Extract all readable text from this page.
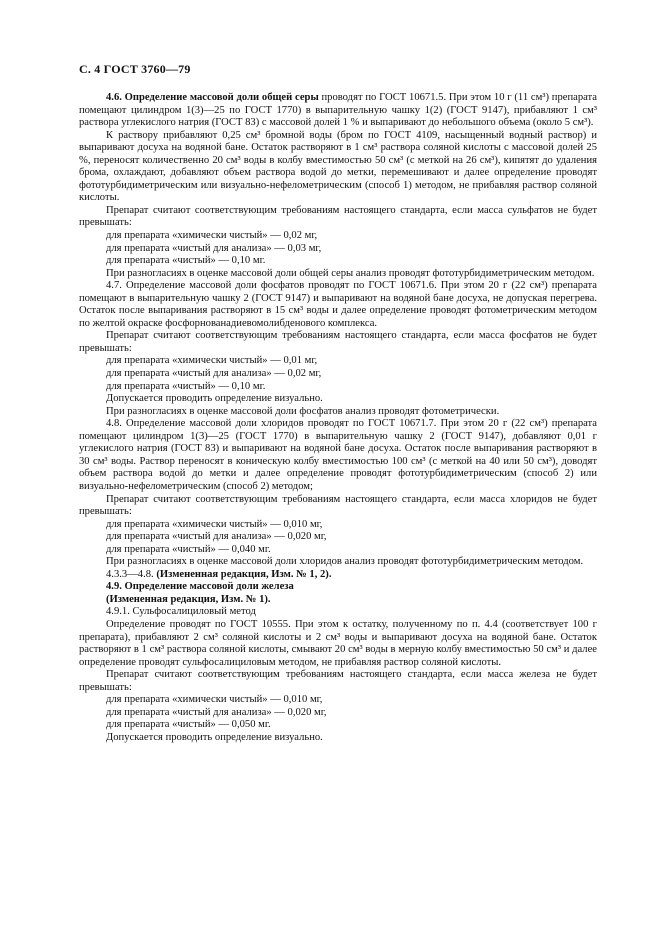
С. 4 ГОСТ 3760—79

4.6. Определение массовой доли общей серы проводят по ГОСТ 10671.5. При этом 10 г (11 см³) препарата помещают цилиндром 1(3)—25 по ГОСТ 1770) в выпарительную чашку 1(2) (ГОСТ 9147), прибавляют 1 см³ раствора углекислого натрия (ГОСТ 83) с массовой долей 1 % и выпаривают до небольшого объема (около 5 см³).

К раствору прибавляют 0,25 см³ бромной воды (бром по ГОСТ 4109, насыщенный водный раствор) и выпаривают досуха на водяной бане. Остаток растворяют в 1 см³ раствора соляной кислоты с массовой долей 25 %, переносят количественно 20 см³ воды в колбу вместимостью 50 см³ (с меткой на 26 см³), кипятят до удаления брома, охлаждают, добавляют объем раствора водой до метки, перемешивают и далее определение проводят фототурбидиметрическим или визуально-нефелометрическим (способ 1) методом, не прибавляя раствор соляной кислоты.

Препарат считают соответствующим требованиям настоящего стандарта, если масса сульфатов не будет превышать:

для препарата «химически чистый» — 0,02 мг,

для препарата «чистый для анализа» — 0,03 мг,

для препарата «чистый» — 0,10 мг.

При разногласиях в оценке массовой доли общей серы анализ проводят фототурбидиметрическим методом.

4.7. Определение массовой доли фосфатов проводят по ГОСТ 10671.6. При этом 20 г (22 см³) препарата помещают в выпарительную чашку 2 (ГОСТ 9147) и выпаривают на водяной бане досуха, не допуская перегрева. Остаток после выпаривания растворяют в 15 см³ воды и далее определение проводят фотометрическим методом по желтой окраске фосфорнованадиевомолибденового комплекса.

Препарат считают соответствующим требованиям настоящего стандарта, если масса фосфатов не будет превышать:

для препарата «химически чистый» — 0,01 мг,

для препарата «чистый для анализа» — 0,02 мг,

для препарата «чистый» — 0,10 мг.

Допускается проводить определение визуально.

При разногласиях в оценке массовой доли фосфатов анализ проводят фотометрически.

4.8. Определение массовой доли хлоридов проводят по ГОСТ 10671.7. При этом 20 г (22 см³) препарата помещают цилиндром 1(3)—25 (ГОСТ 1770) в выпарительную чашку 2 (ГОСТ 9147), добавляют 0,01 г углекислого натрия (ГОСТ 83) и выпаривают на водяной бане досуха. Остаток после выпаривания растворяют в 30 см³ воды. Раствор переносят в коническую колбу вместимостью 100 см³ (с меткой на 40 или 50 см³), доводят объем раствора водой до метки и далее определение проводят фототурбидиметрическим (способ 2) или визуально-нефелометрическим (способ 2) методом;

Препарат считают соответствующим требованиям настоящего стандарта, если масса хлоридов не будет превышать:

для препарата «химически чистый» — 0,010 мг,

для препарата «чистый для анализа» — 0,020 мг,

для препарата «чистый» — 0,040 мг.

При разногласиях в оценке массовой доли хлоридов анализ проводят фототурбидиметрическим методом.

4.3.3—4.8. (Измененная редакция, Изм. № 1, 2).

4.9. Определение массовой доли железа

(Измененная редакция, Изм. № 1).

4.9.1. Сульфосалициловый метод

Определение проводят по ГОСТ 10555. При этом к остатку, полученному по п. 4.4 (соответствует 100 г препарата), прибавляют 2 см³ соляной кислоты и 2 см³ воды и выпаривают досуха на водяной бане. Остаток растворяют в 1 см³ раствора соляной кислоты, смывают 20 см³ воды в мерную колбу вместимостью 50 см³ и далее определение проводят сульфосалициловым методом, не прибавляя раствор соляной кислоты.

Препарат считают соответствующим требованиям настоящего стандарта, если масса железа не будет превышать:

для препарата «химически чистый» — 0,010 мг,

для препарата «чистый для анализа» — 0,020 мг,

для препарата «чистый» — 0,050 мг.

Допускается проводить определение визуально.
